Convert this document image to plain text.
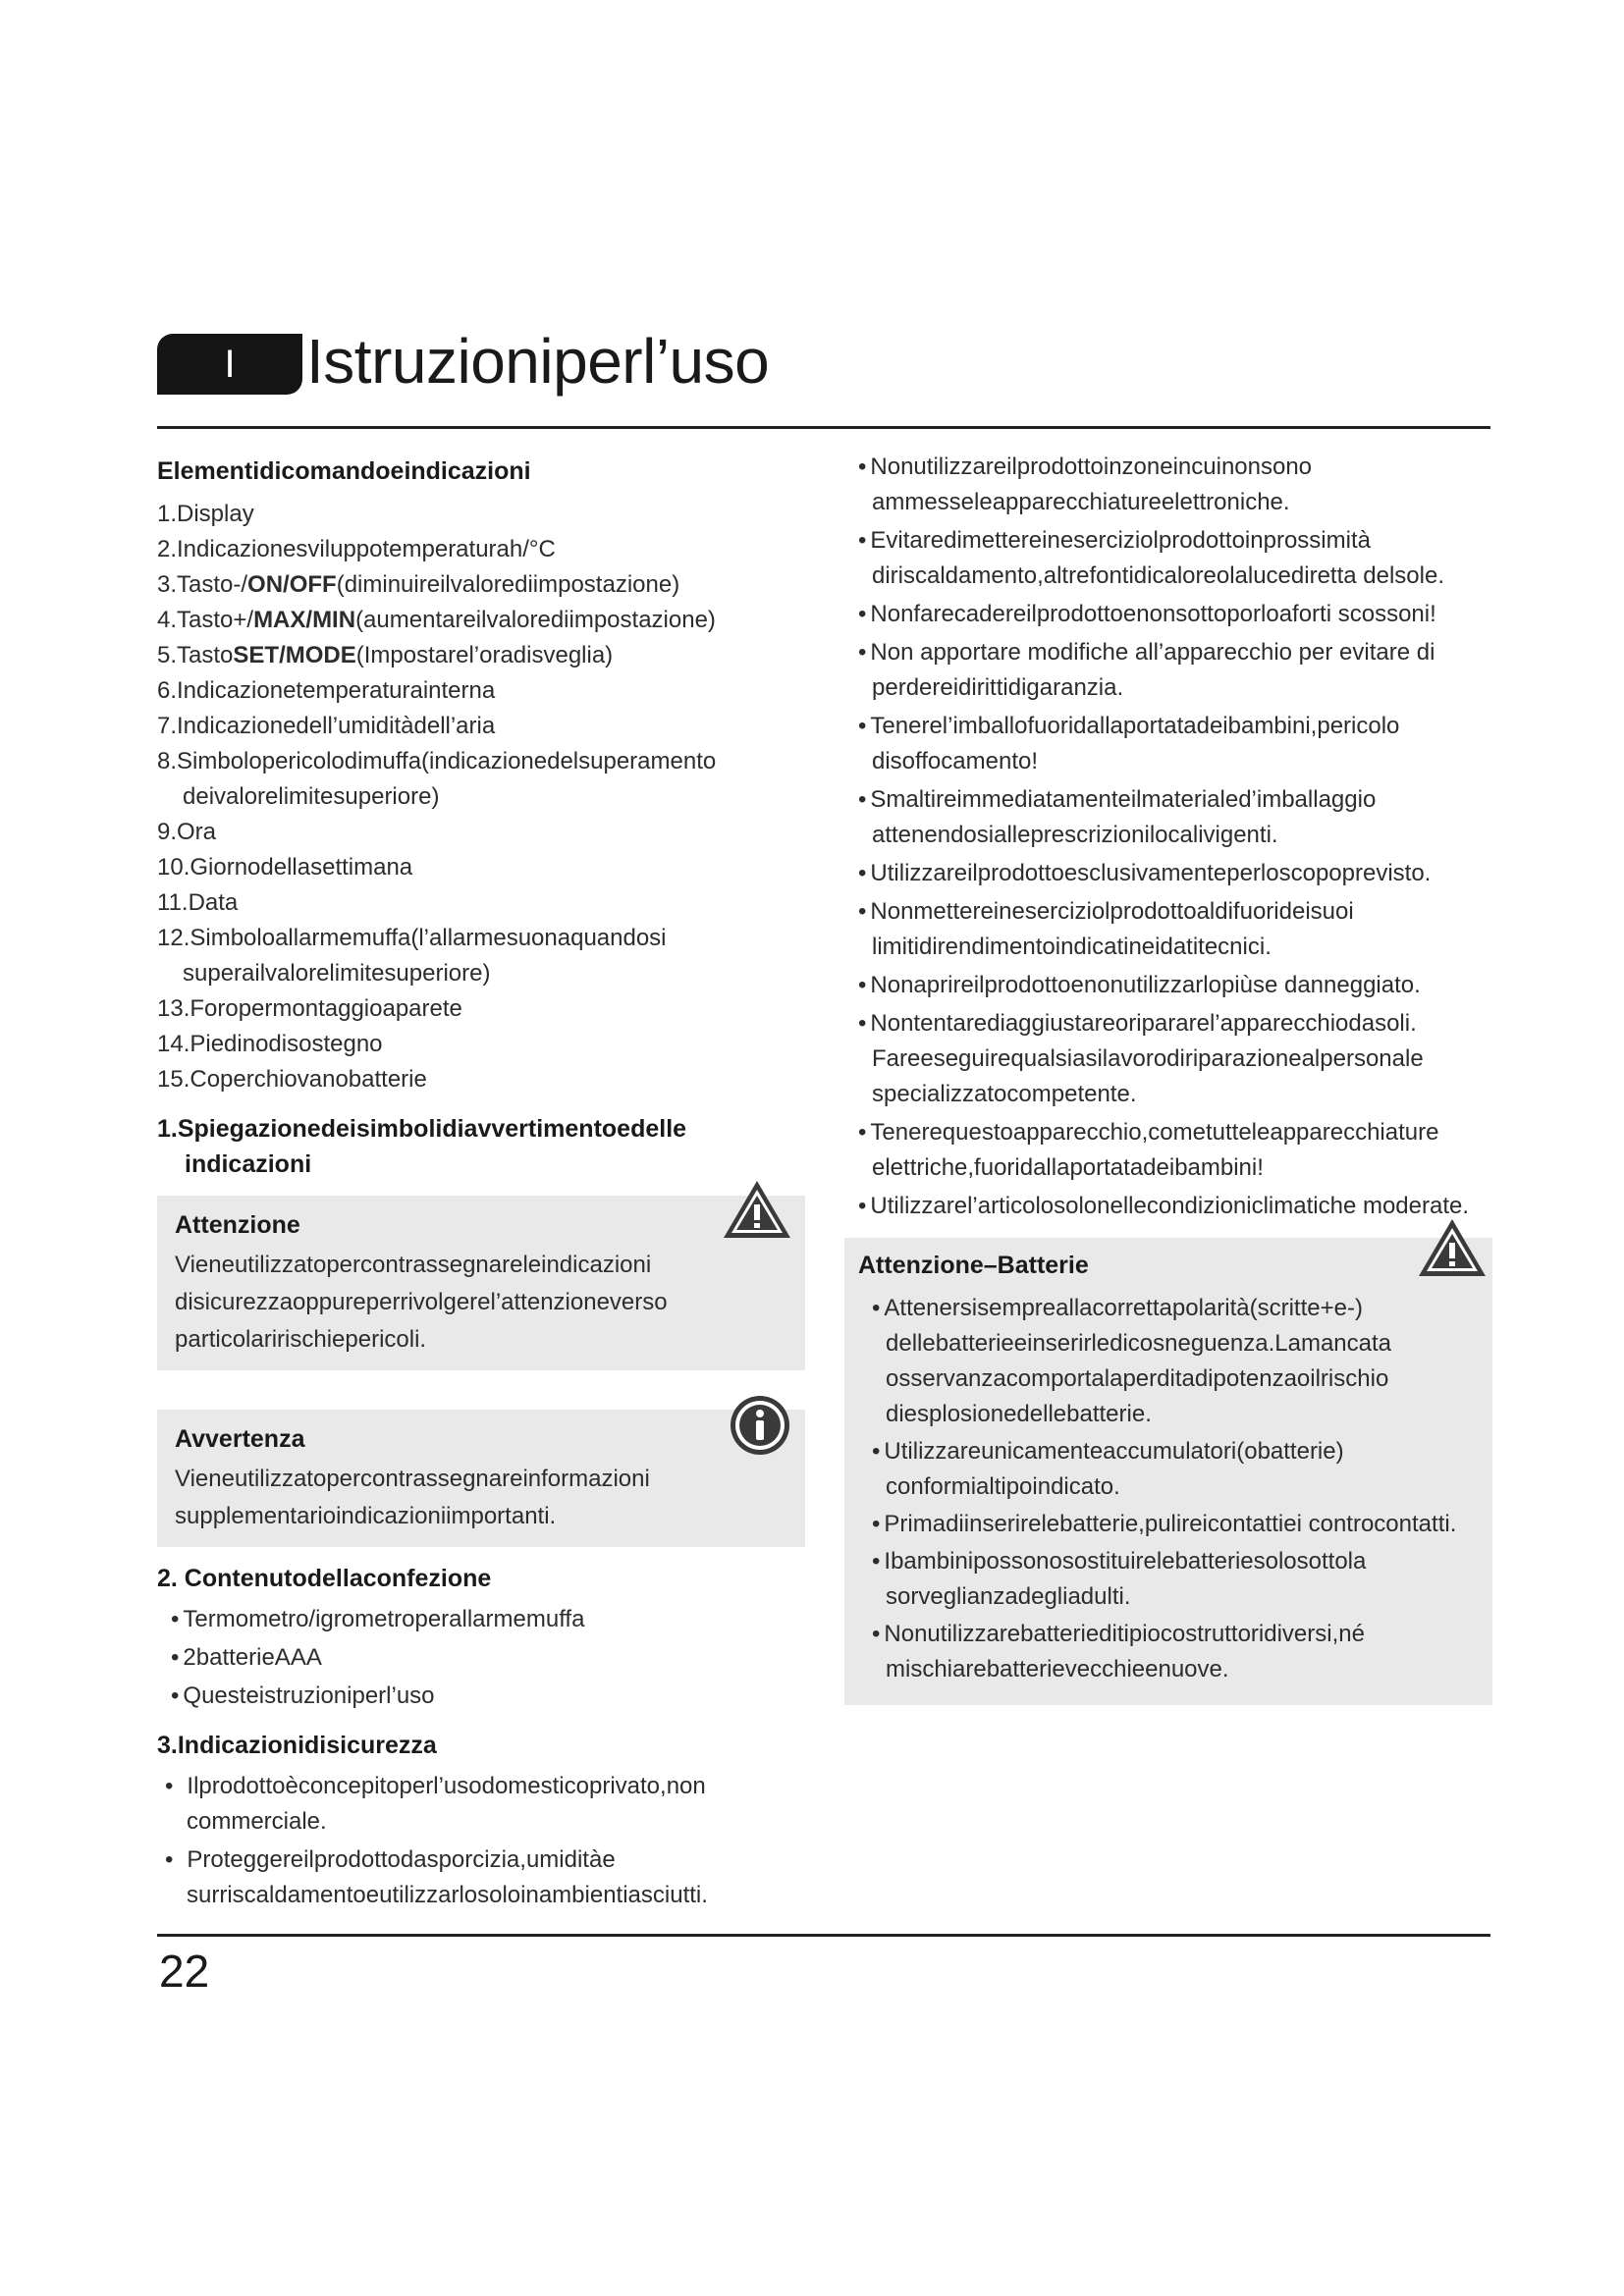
I	Istruzioniperl’uso

Elementidicomandoeindicazioni

1.Display
2.Indicazionesviluppotemperaturah/°C
3.Tasto-/ON/OFF(diminuireilvalorediimpostazione)
4.Tasto+/MAX/MIN(aumentareilvalorediimpostazione)
5.TastoSET/MODE(Impostarel’oradisveglia)
6.Indicazionetemperaturainterna
7.Indicazionedell’umiditàdell’aria
8.Simbolopericolodimuffa(indicazionedelsuperamento deivalorelimitesuperiore)
9.Ora
10.Giornodellasettimana
11.Data
12.Simboloallarmemuffa(l’allarmesuonaquandosi superailvalorelimitesuperiore)
13.Foropermontaggioaparete
14.Piedinodisostegno
15.Coperchiovanobatterie

1.Spiegazionedeisimbolidiavvertimentoedelle
indicazioni

Attenzione

Vieneutilizzatopercontrassegnareleindicazioni disicurezzaoppureperrivolgerel’attenzioneverso particolaririschiepericoli.

Avvertenza

Vieneutilizzatopercontrassegnareinformazioni supplementarioindicazioniimportanti.

2. Contenutodellaconfezione

• Termometro/igrometroperallarmemuffa
• 2batterieAAA
• Questeistruzioniperl’uso

3.Indicazionidisicurezza

• Ilprodottoèconcepitoperl’usodomesticoprivato,non commerciale.
• Proteggereilprodottodasporcizia,umiditàe surriscaldamentoeutilizzarlosoloinambientiasciutti.
• Nonutilizzareilprodottoinzoneincuinonsono ammesseleapparecchiatureelettroniche.
• Evitaredimettereineserciziolprodottoinprossimità diriscaldamento,altrefontidicaloreolalucediretta delsole.
• Nonfarecadereilprodottoenonsottoporloaforti scossoni!
• Non apportare modifiche all’apparecchio per evitare di perdereidirittidigaranzia.
• Tenerel’imballofuoridallaportatadeibambini,pericolo disoffocamento!
• Smaltireimmediatamenteilmaterialed’imballaggio attenendosialleprescrizionilocalivigenti.
• Utilizzareilprodottoesclusivamenteperloscopoprevisto.
• Nonmettereineserciziolprodottoaldifuorideisuoi limitidirendimentoindicatineidatitecnici.
• Nonaprireilprodottoenonutilizzarlopiùse danneggiato.
• Nontentarediaggiustareoripararel’apparecchiodasoli. Fareeseguirequalsiasilavorodiriparazionealpersonale specializzatocompetente.
• Tenerequestoapparecchio,cometutteleapparecchiature elettriche,fuoridallaportatadeibambini!
• Utilizzarel’articolosolonellecondizioniclimatiche moderate.

Attenzione–Batterie

• Attenersisempreallacorrettapolarità(scritte+e-) dellebatterieeinserirledicosneguenza.Lamancata osservanzacomportalaperditadipotenzaoilrischio diesplosionedellebatterie.
• Utilizzareunicamenteaccumulatori(obatterie) conformialtipoindicato.
• Primadiinserirelebatterie,pulireicontattiei controcontatti.
• Ibambinipossonosostituirelebatteriesolosottola sorveglianzadegliadulti.
• Nonutilizzarebatterieditipiocostruttoridiversi,né mischiarebatterievecchieenuove.
22
